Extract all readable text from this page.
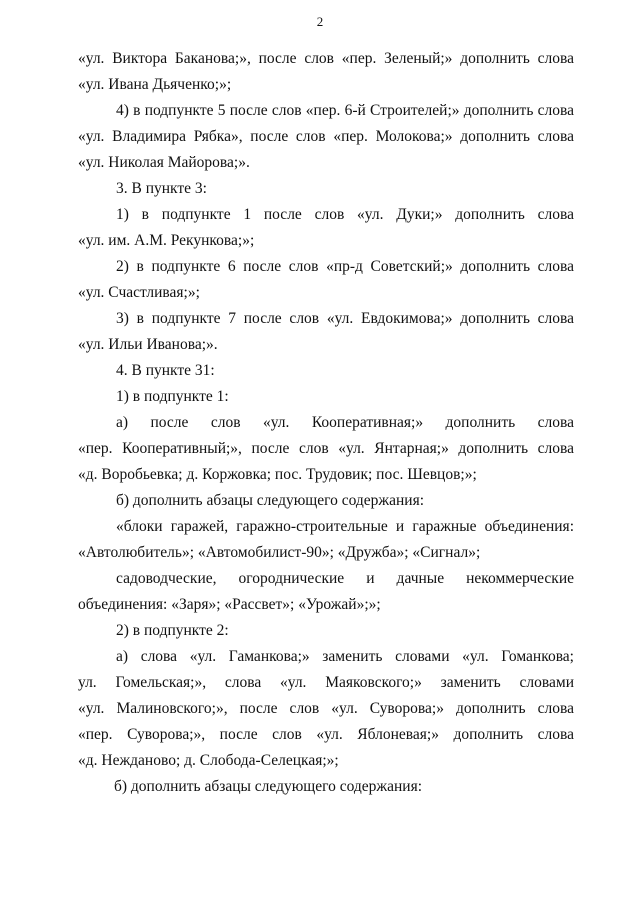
2
«ул. Виктора Баканова;», после слов «пер. Зеленый;» дополнить слова
«ул. Ивана Дьяченко;»;
4) в подпункте 5 после слов «пер. 6-й Строителей;» дополнить слова
«ул. Владимира Рябка», после слов «пер. Молокова;» дополнить слова
«ул. Николая Майорова;».
3. В пункте 3:
1) в подпункте 1 после слов «ул. Дуки;» дополнить слова
«ул. им. А.М. Рекункова;»;
2) в подпункте 6 после слов «пр-д Советский;» дополнить слова
«ул. Счастливая;»;
3) в подпункте 7 после слов «ул. Евдокимова;» дополнить слова
«ул. Ильи Иванова;».
4. В пункте 31:
1) в подпункте 1:
а) после слов «ул. Кооперативная;» дополнить слова
«пер. Кооперативный;», после слов «ул. Янтарная;» дополнить слова
«д. Воробьевка; д. Коржовка; пос. Трудовик; пос. Шевцов;»;
б) дополнить абзацы следующего содержания:
«блоки гаражей, гаражно-строительные и гаражные объединения:
«Автолюбитель»; «Автомобилист-90»; «Дружба»; «Сигнал»;
садоводческие, огороднические и дачные некоммерческие
объединения: «Заря»; «Рассвет»; «Урожай»;»;
2) в подпункте 2:
а) слова «ул. Гаманкова;» заменить словами «ул. Гоманкова;
ул. Гомельская;», слова «ул. Маяковского;» заменить словами
«ул. Малиновского;», после слов «ул. Суворова;» дополнить слова
«пер. Суворова;», после слов «ул. Яблоневая;» дополнить слова
«д. Нежданово; д. Слобода-Селецкая;»;
б) дополнить абзацы следующего содержания:
